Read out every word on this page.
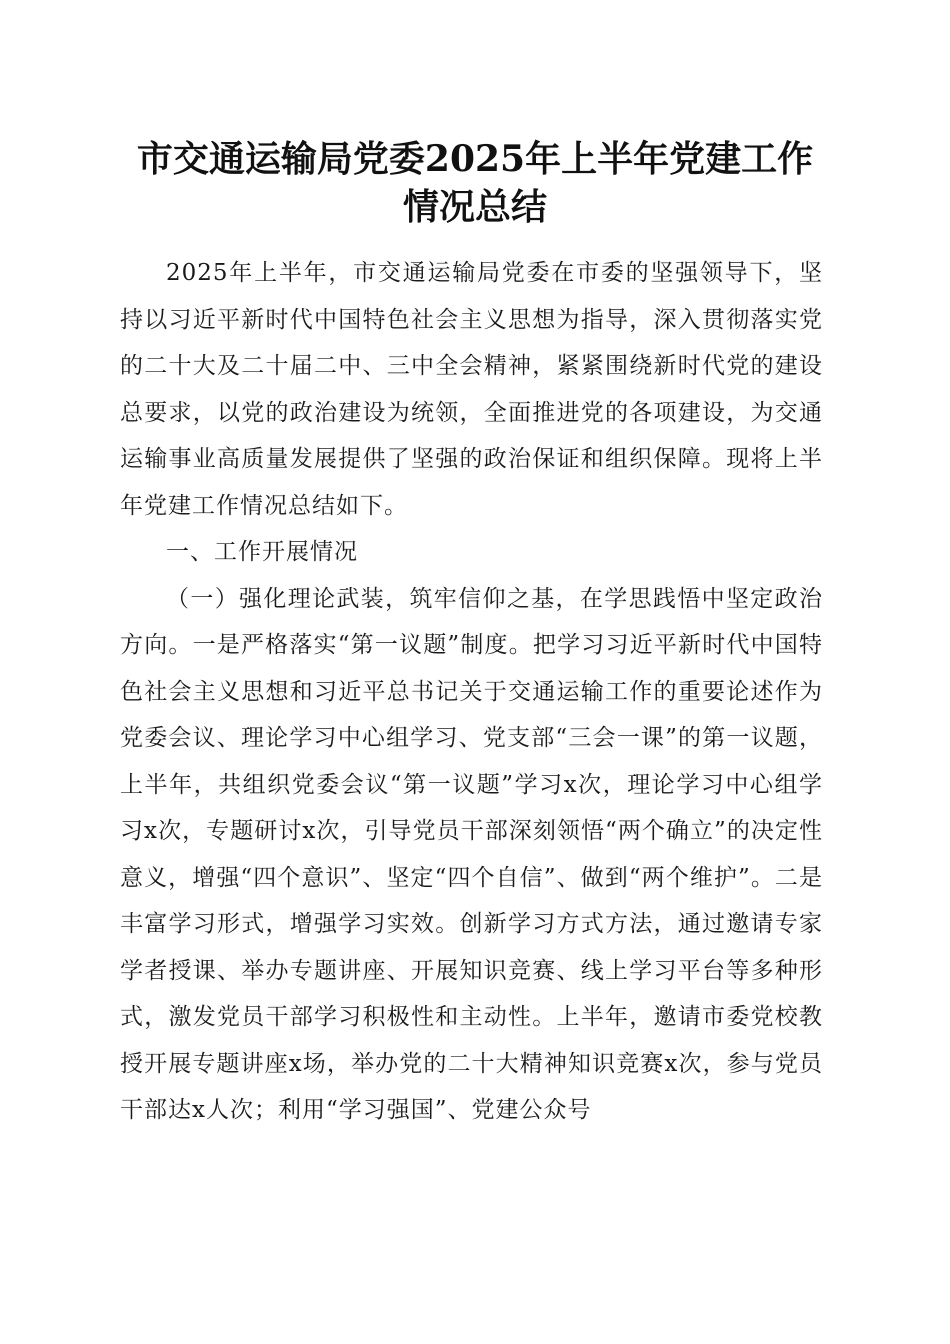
市交通运输局党委2025年上半年党建工作情况总结

2025年上半年，市交通运输局党委在市委的坚强领导下，坚持以习近平新时代中国特色社会主义思想为指导，深入贯彻落实党的二十大及二十届二中、三中全会精神，紧紧围绕新时代党的建设总要求，以党的政治建设为统领，全面推进党的各项建设，为交通运输事业高质量发展提供了坚强的政治保证和组织保障。现将上半年党建工作情况总结如下。

一、工作开展情况

（一）强化理论武装，筑牢信仰之基，在学思践悟中坚定政治方向。一是严格落实“第一议题”制度。把学习习近平新时代中国特色社会主义思想和习近平总书记关于交通运输工作的重要论述作为党委会议、理论学习中心组学习、党支部“三会一课”的第一议题，上半年，共组织党委会议“第一议题”学习x次，理论学习中心组学习x次，专题研讨x次，引导党员干部深刻领悟“两个确立”的决定性意义，增强“四个意识”、坚定“四个自信”、做到“两个维护”。二是丰富学习形式，增强学习实效。创新学习方式方法，通过邀请专家学者授课、举办专题讲座、开展知识竞赛、线上学习平台等多种形式，激发党员干部学习积极性和主动性。上半年，邀请市委党校教授开展专题讲座x场，举办党的二十大精神知识竞赛x次，参与党员干部达x人次；利用“学习强国”、党建公众号
